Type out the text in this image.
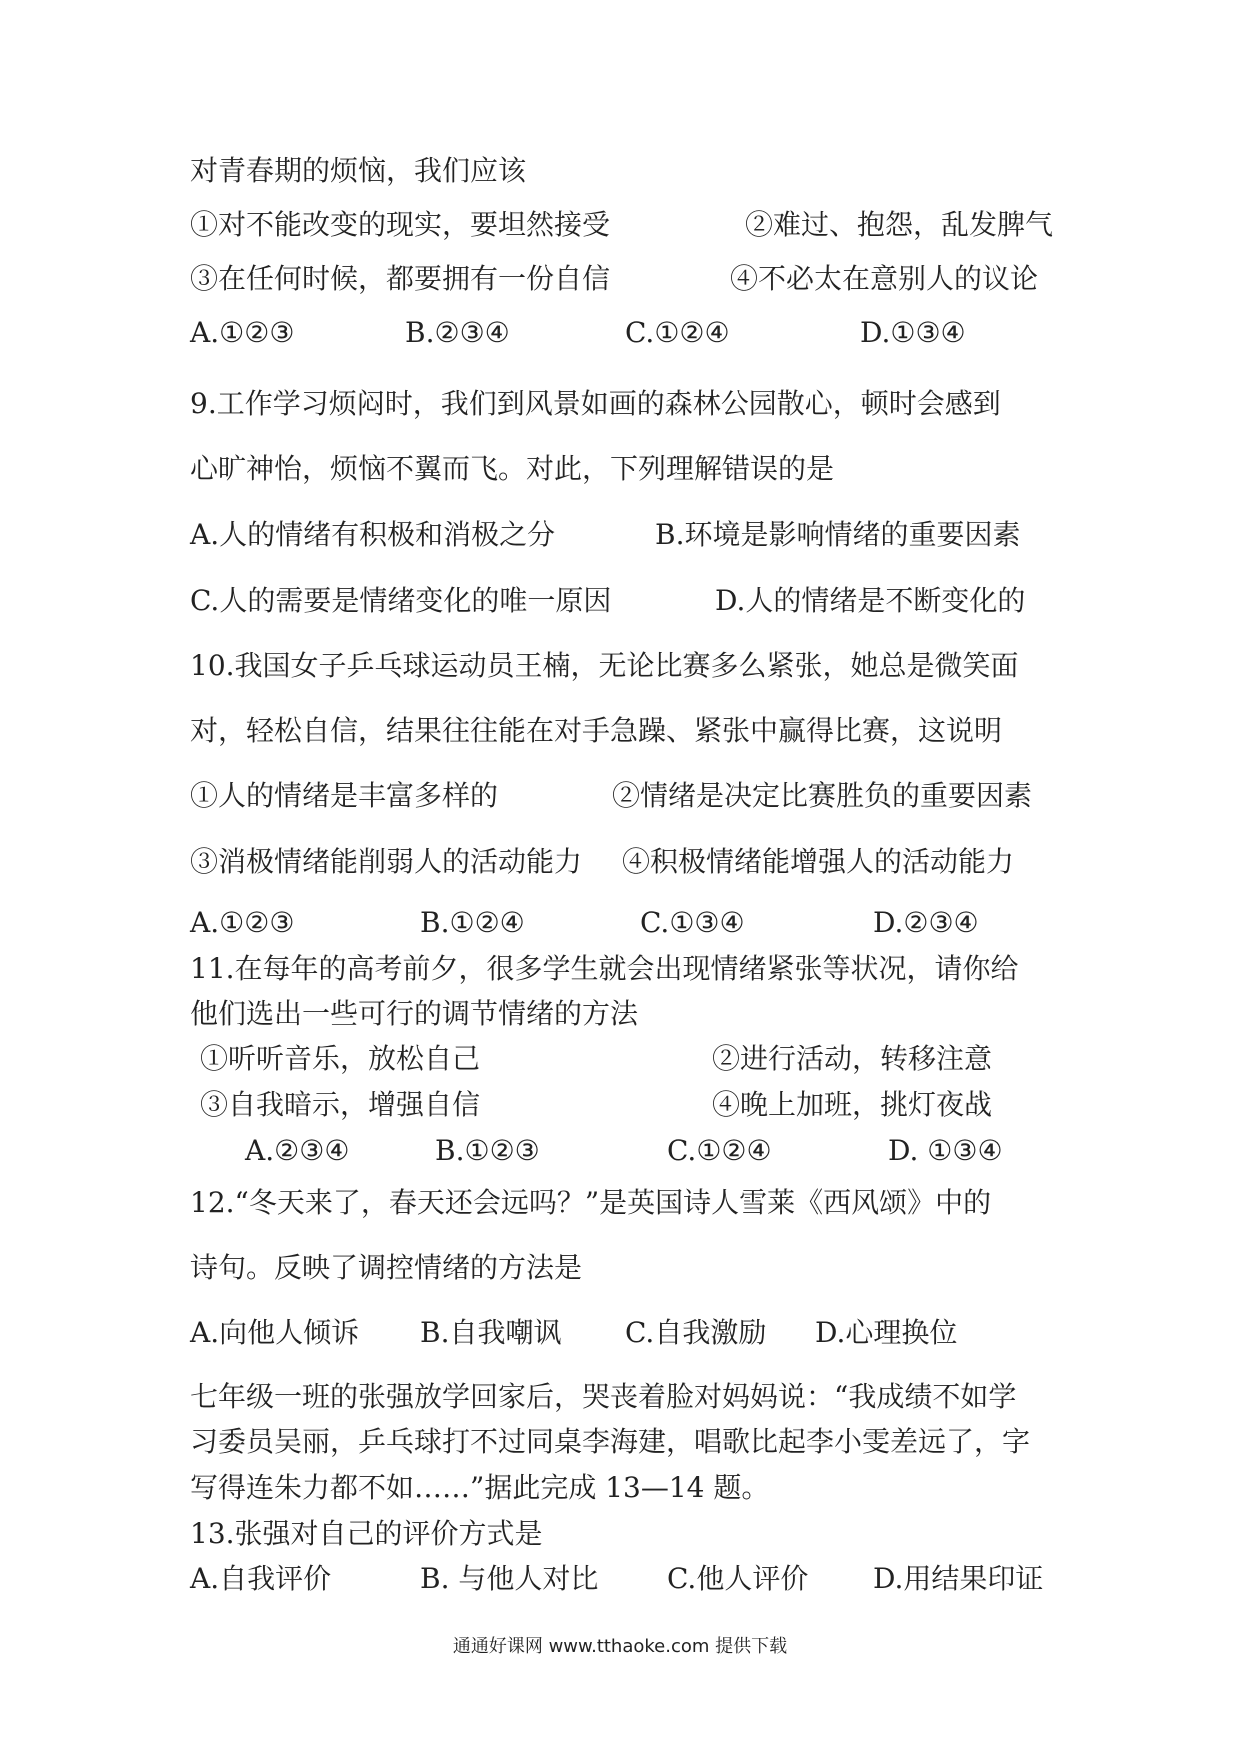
对青春期的烦恼，我们应该
①对不能改变的现实，要坦然接受	②难过、抱怨，乱发脾气
③在任何时候，都要拥有一份自信	④不必太在意别人的议论
A.①②③	B.②③④	C.①②④	D.①③④
9.工作学习烦闷时，我们到风景如画的森林公园散心，顿时会感到
心旷神怡，烦恼不翼而飞。对此，下列理解错误的是
A.人的情绪有积极和消极之分	B.环境是影响情绪的重要因素
C.人的需要是情绪变化的唯一原因	D.人的情绪是不断变化的
10.我国女子乒乓球运动员王楠，无论比赛多么紧张，她总是微笑面
对，轻松自信，结果往往能在对手急躁、紧张中赢得比赛，这说明
①人的情绪是丰富多样的	②情绪是决定比赛胜负的重要因素
③消极情绪能削弱人的活动能力 ④积极情绪能增强人的活动能力
A.①②③	B.①②④	C.①③④	D.②③④
11.在每年的高考前夕，很多学生就会出现情绪紧张等状况，请你给
他们选出一些可行的调节情绪的方法
①听听音乐，放松自己	②进行活动，转移注意
③自我暗示，增强自信	④晚上加班，挑灯夜战
A.②③④	B.①②③	C.①②④	D. ①③④
12.“冬天来了，春天还会远吗？”是英国诗人雪莱《西风颂》中的
诗句。反映了调控情绪的方法是
A.向他人倾诉 B.自我嘲讽 C.自我激励 D.心理换位
七年级一班的张强放学回家后，哭丧着脸对妈妈说：“我成绩不如学
习委员吴丽，乒乓球打不过同桌李海建，唱歌比起李小雯差远了，字
写得连朱力都不如……”据此完成 13—14 题。
13.张强对自己的评价方式是
A.自我评价	B. 与他人对比 C.他人评价 D.用结果印证
通通好课网 www.tthaoke.com 提供下载
